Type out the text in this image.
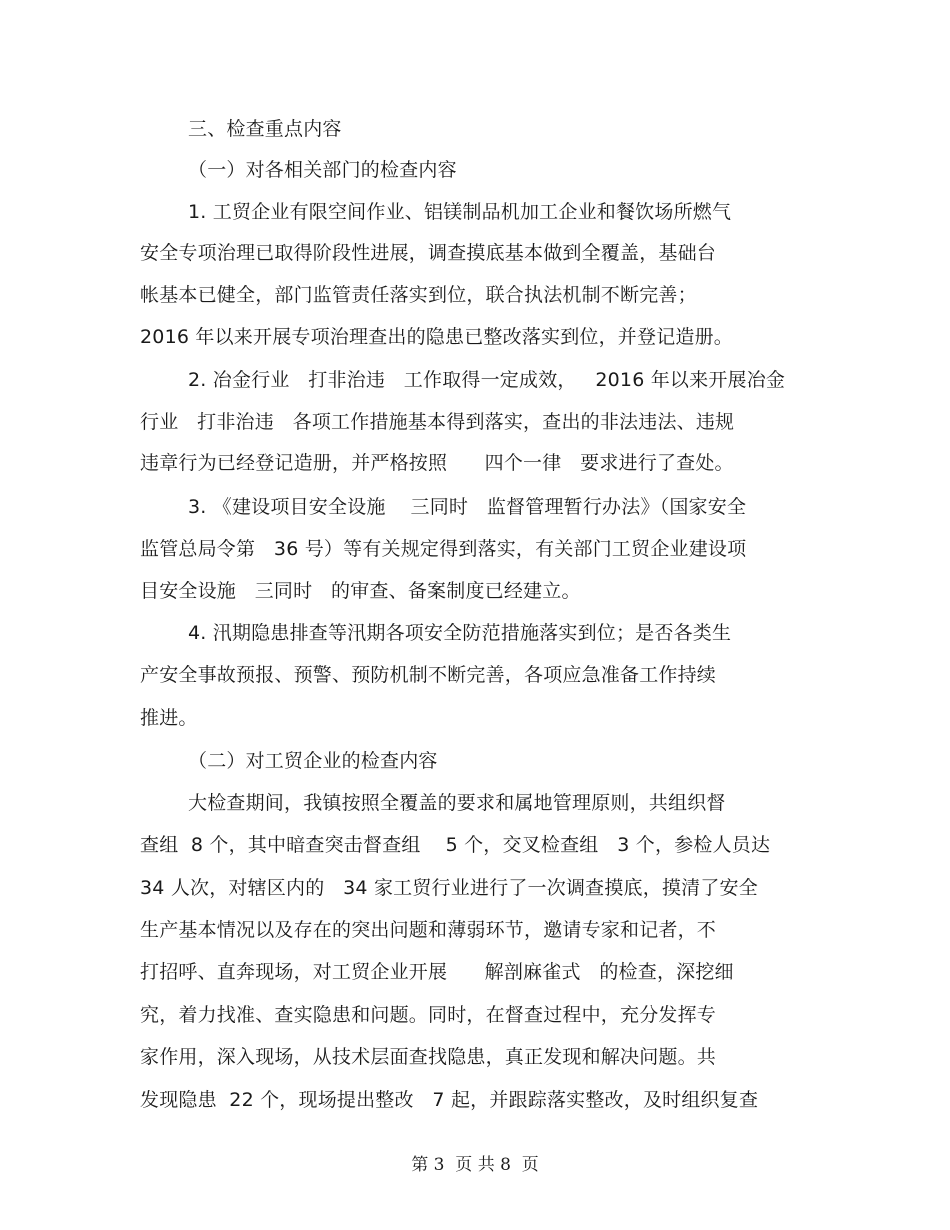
三、检查重点内容
（一）对各相关部门的检查内容
1. 工贸企业有限空间作业、铝镁制品机加工企业和餐饮场所燃气
安全专项治理已取得阶段性进展，调查摸底基本做到全覆盖，基础台
帐基本已健全，部门监管责任落实到位，联合执法机制不断完善；
2016 年以来开展专项治理查出的隐患已整改落实到位，并登记造册。
2. 冶金行业   打非治违   工作取得一定成效，   2016 年以来开展冶金
行业   打非治违   各项工作措施基本得到落实，查出的非法违法、违规
违章行为已经登记造册，并严格按照      四个一律   要求进行了查处。
3. 《建设项目安全设施    三同时   监督管理暂行办法》（国家安全
监管总局令第   36 号）等有关规定得到落实，有关部门工贸企业建设项
目安全设施   三同时   的审查、备案制度已经建立。
4. 汛期隐患排查等汛期各项安全防范措施落实到位；是否各类生
产安全事故预报、预警、预防机制不断完善，各项应急准备工作持续
推进。
（二）对工贸企业的检查内容
大检查期间，我镇按照全覆盖的要求和属地管理原则，共组织督
查组  8 个，其中暗查突击督查组    5 个，交叉检查组   3 个，参检人员达
34 人次，对辖区内的   34 家工贸行业进行了一次调查摸底，摸清了安全
生产基本情况以及存在的突出问题和薄弱环节，邀请专家和记者，不
打招呼、直奔现场，对工贸企业开展      解剖麻雀式   的检查，深挖细
究，着力找准、查实隐患和问题。同时，在督查过程中，充分发挥专
家作用，深入现场，从技术层面查找隐患，真正发现和解决问题。共
发现隐患  22 个，现场提出整改   7 起，并跟踪落实整改，及时组织复查
第 3  页 共 8  页
